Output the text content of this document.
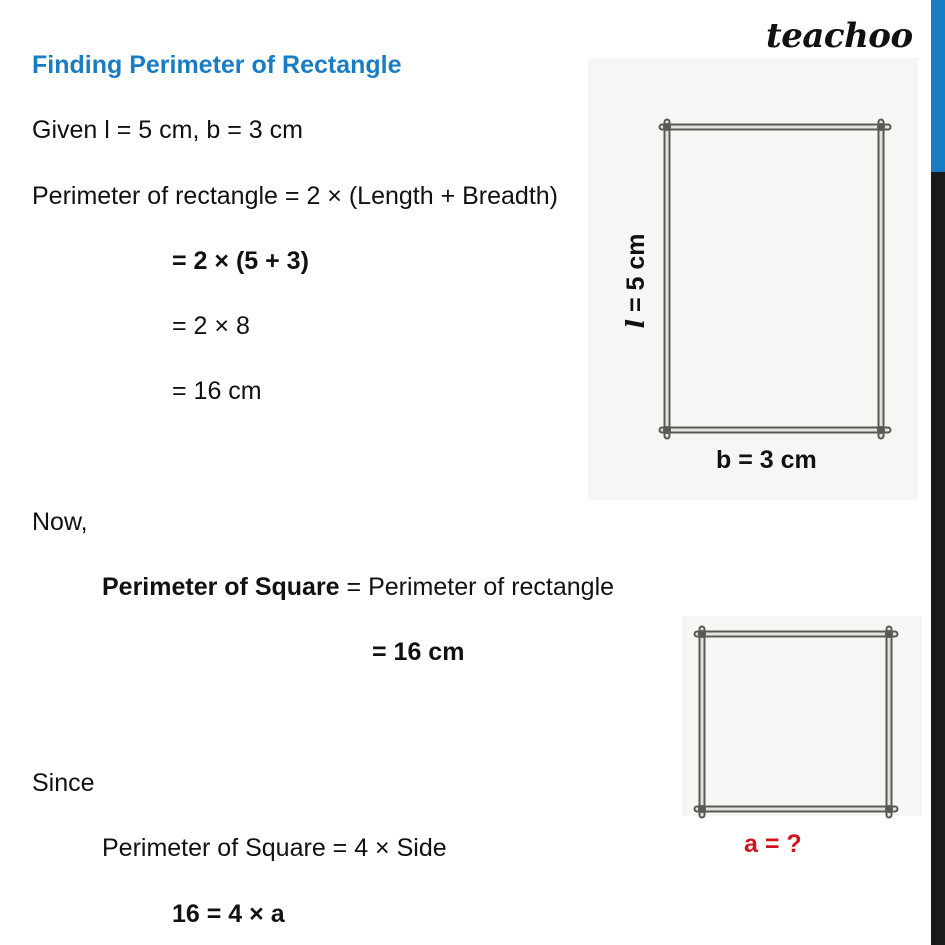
teachoo
Finding Perimeter of Rectangle
Given l = 5 cm, b = 3 cm
Perimeter of rectangle = 2 × (Length + Breadth)
= 2 × (5 + 3)
= 2 × 8
= 16 cm
Now,
Perimeter of Square = Perimeter of rectangle
= 16 cm
Since
Perimeter of Square = 4 × Side
16 = 4 × a
l = 5 cm
b = 3 cm
a = ?
